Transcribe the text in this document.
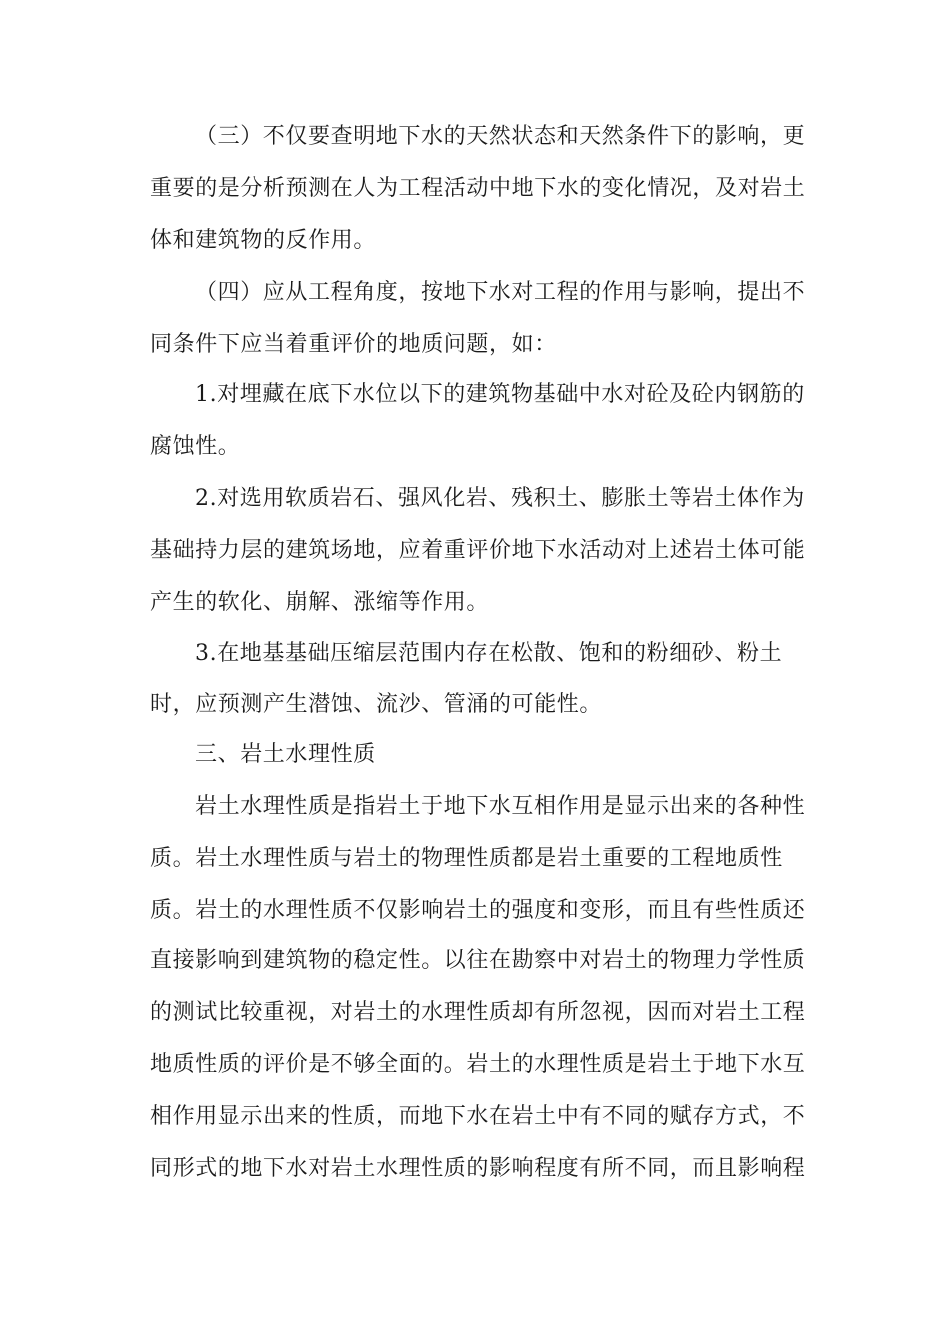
（三）不仅要查明地下水的天然状态和天然条件下的影响，更

重要的是分析预测在人为工程活动中地下水的变化情况，及对岩土

体和建筑物的反作用。

（四）应从工程角度，按地下水对工程的作用与影响，提出不

同条件下应当着重评价的地质问题，如：

1.对埋藏在底下水位以下的建筑物基础中水对砼及砼内钢筋的

腐蚀性。

2.对选用软质岩石、强风化岩、残积土、膨胀土等岩土体作为

基础持力层的建筑场地，应着重评价地下水活动对上述岩土体可能

产生的软化、崩解、涨缩等作用。

3.在地基基础压缩层范围内存在松散、饱和的粉细砂、粉土

时，应预测产生潜蚀、流沙、管涌的可能性。

三、岩土水理性质

岩土水理性质是指岩土于地下水互相作用是显示出来的各种性

质。岩土水理性质与岩土的物理性质都是岩土重要的工程地质性

质。岩土的水理性质不仅影响岩土的强度和变形，而且有些性质还

直接影响到建筑物的稳定性。以往在勘察中对岩土的物理力学性质

的测试比较重视，对岩土的水理性质却有所忽视，因而对岩土工程

地质性质的评价是不够全面的。岩土的水理性质是岩土于地下水互

相作用显示出来的性质，而地下水在岩土中有不同的赋存方式，不

同形式的地下水对岩土水理性质的影响程度有所不同，而且影响程
